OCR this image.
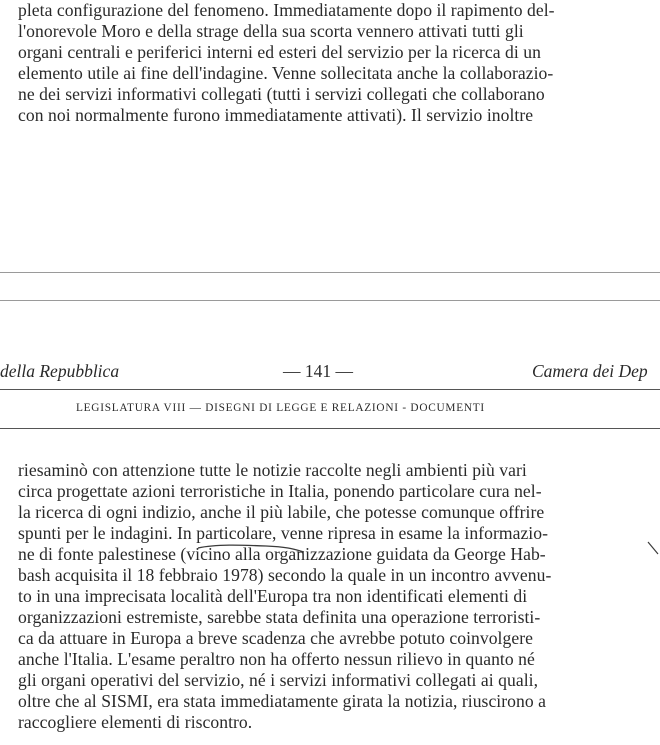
pleta configurazione del fenomeno. Immediatamente dopo il rapimento del-
l'onorevole Moro e della strage della sua scorta vennero attivati tutti gli
organi centrali e periferici interni ed esteri del servizio per la ricerca di un
elemento utile ai fine dell'indagine. Venne sollecitata anche la collaborazio-
ne dei servizi informativi collegati (tutti i servizi collegati che collaborano
con noi normalmente furono immediatamente attivati). Il servizio inoltre
della Repubblica	— 141 —	Camera dei Dep
LEGISLATURA VIII — DISEGNI DI LEGGE E RELAZIONI - DOCUMENTI
riesaminò con attenzione tutte le notizie raccolte negli ambienti più vari
circa progettate azioni terroristiche in Italia, ponendo particolare cura nel-
la ricerca di ogni indizio, anche il più labile, che potesse comunque offrire
spunti per le indagini. In particolare, venne ripresa in esame la informazio-
ne di fonte palestinese (vicino alla organizzazione guidata da George Hab-
bash acquisita il 18 febbraio 1978) secondo la quale in un incontro avvenu-
to in una imprecisata località dell'Europa tra non identificati elementi di
organizzazioni estremiste, sarebbe stata definita una operazione terroristi-
ca da attuare in Europa a breve scadenza che avrebbe potuto coinvolgere
anche l'Italia. L'esame peraltro non ha offerto nessun rilievo in quanto né
gli organi operativi del servizio, né i servizi informativi collegati ai quali,
oltre che al SISMI, era stata immediatamente girata la notizia, riuscirono a
raccogliere elementi di riscontro.
